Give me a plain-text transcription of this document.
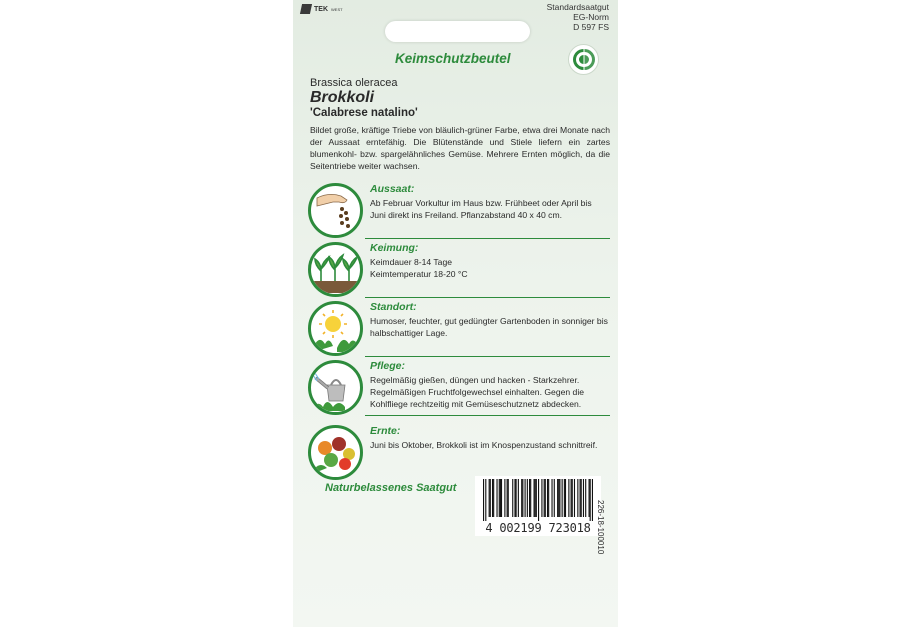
TEK WEST	Standardsaatgut
EG-Norm
D 597 FS
Keimschutzbeutel
Brassica oleracea
Brokkoli
'Calabrese natalino'
Bildet große, kräftige Triebe von bläulich-grüner Farbe, etwa drei Monate nach der Aussaat erntefähig. Die Blütenstände und Stiele liefern ein zartes blumenkohl- bzw. spargelähnliches Gemüse. Mehrere Ernten möglich, da die Seitentriebe weiter wachsen.
Aussaat:
Ab Februar Vorkultur im Haus bzw. Frühbeet oder April bis Juni direkt ins Freiland. Pflanzabstand 40 x 40 cm.
Keimung:
Keimdauer 8-14 Tage
Keimtemperatur 18-20 °C
Standort:
Humoser, feuchter, gut gedüngter Gartenboden in sonniger bis halbschattiger Lage.
Pflege:
Regelmäßig gießen, düngen und hacken - Starkzehrer. Regelmäßigen Fruchtfolgewechsel einhalten. Gegen die Kohlfliege rechtzeitig mit Gemüseschutznetz abdecken.
Ernte:
Juni bis Oktober, Brokkoli ist im Knospenzustand schnittreif.
Naturbelassenes Saatgut
4 002199 723018 226-18-100010
